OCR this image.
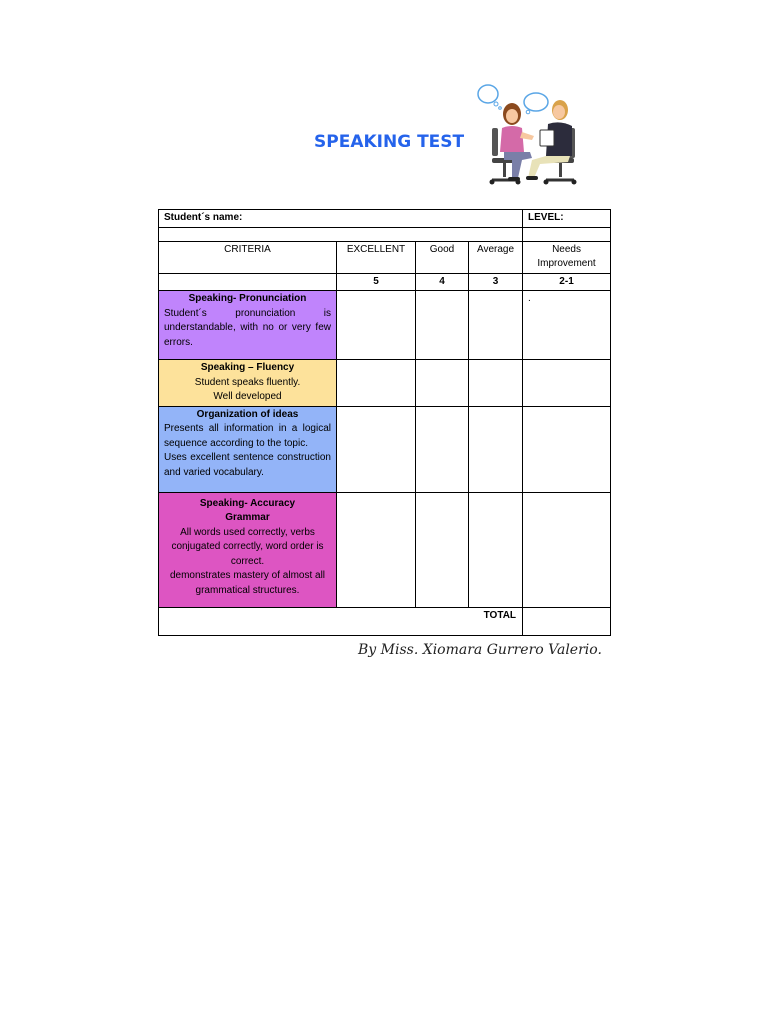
SPEAKING TEST
Student´s name:				LEVEL:

CRITERIA	EXCELLENT	Good	Average	Needs Improvement
	5	4	3	2-1

Speaking- Pronunciation
Student´s pronunciation is understandable, with no or very few errors.				.

Speaking – Fluency
Student speaks fluently.
Well developed				

Organization of ideas
Presents all information in a logical sequence according to the topic.
Uses excellent sentence construction and varied vocabulary.				

Speaking- Accuracy Grammar
All words used correctly, verbs conjugated correctly, word order is correct.
demonstrates mastery of almost all grammatical structures.				

TOTAL				
By Miss. Xiomara Gurrero Valerio.
